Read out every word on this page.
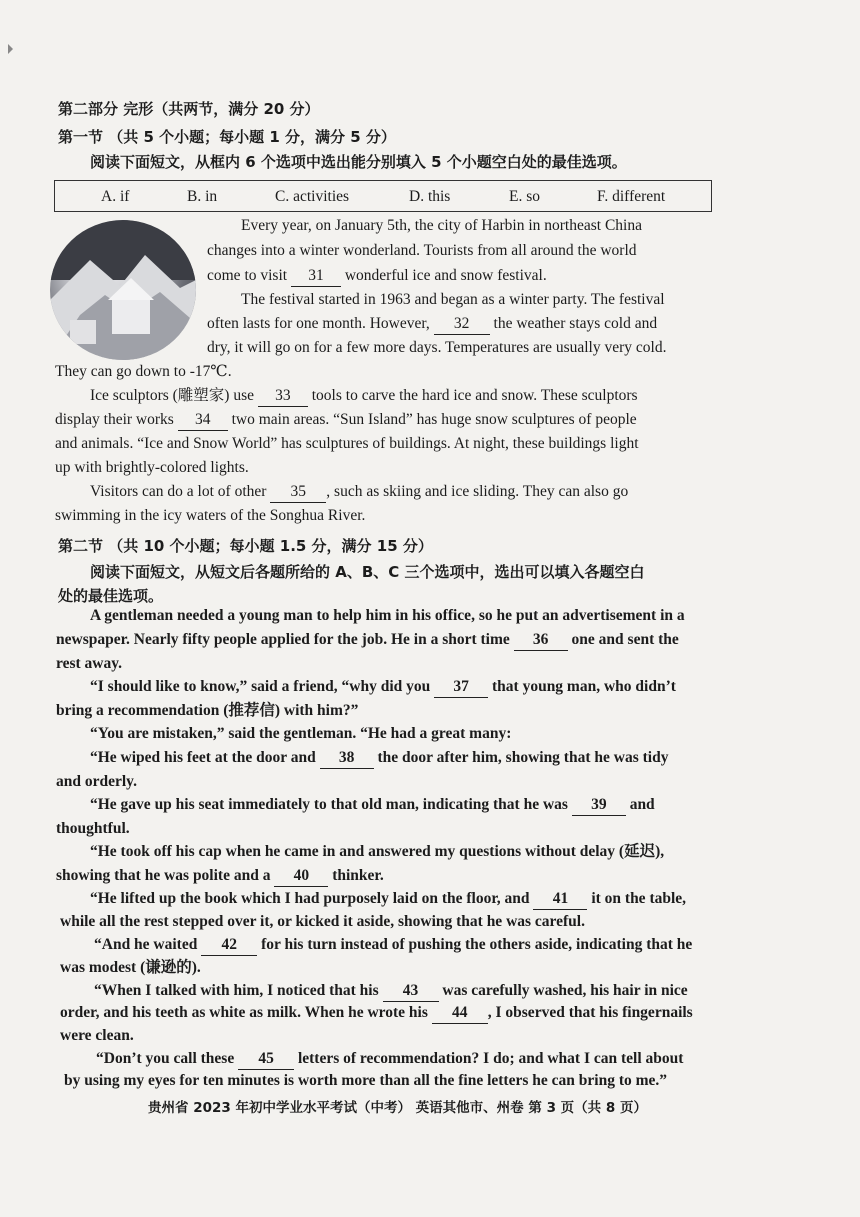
第二部分 完形（共两节，满分 20 分）
第一节 （共 5 个小题；每小题 1 分，满分 5 分）
阅读下面短文，从框内 6 个选项中选出能分别填入 5 个小题空白处的最佳选项。
A. if	B. in	C. activities	D. this	E. so	F. different
Every year, on January 5th, the city of Harbin in northeast China
changes into a winter wonderland. Tourists from all around the world
come to visit 31 wonderful ice and snow festival.
The festival started in 1963 and began as a winter party. The festival
often lasts for one month. However, 32 the weather stays cold and
dry, it will go on for a few more days. Temperatures are usually very cold.
They can go down to -17℃.
Ice sculptors (雕塑家) use 33 tools to carve the hard ice and snow. These sculptors
display their works 34 two main areas. “Sun Island” has huge snow sculptures of people
and animals. “Ice and Snow World” has sculptures of buildings. At night, these buildings light
up with brightly-colored lights.
Visitors can do a lot of other 35 , such as skiing and ice sliding. They can also go
swimming in the icy waters of the Songhua River.
第二节 （共 10 个小题；每小题 1.5 分，满分 15 分）
阅读下面短文，从短文后各题所给的 A、B、C 三个选项中，选出可以填入各题空白
处的最佳选项。
A gentleman needed a young man to help him in his office, so he put an advertisement in a
newspaper. Nearly fifty people applied for the job. He in a short time 36 one and sent the
rest away.
“I should like to know,” said a friend, “why did you 37 that young man, who didn’t
bring a recommendation (推荐信) with him?”
“You are mistaken,” said the gentleman. “He had a great many:
“He wiped his feet at the door and 38 the door after him, showing that he was tidy
and orderly.
“He gave up his seat immediately to that old man, indicating that he was 39 and
thoughtful.
“He took off his cap when he came in and answered my questions without delay (延迟),
showing that he was polite and a 40 thinker.
“He lifted up the book which I had purposely laid on the floor, and 41 it on the table,
while all the rest stepped over it, or kicked it aside, showing that he was careful.
“And he waited 42 for his turn instead of pushing the others aside, indicating that he
was modest (谦逊的).
“When I talked with him, I noticed that his 43 was carefully washed, his hair in nice
order, and his teeth as white as milk. When he wrote his 44 , I observed that his fingernails
were clean.
“Don’t you call these 45 letters of recommendation? I do; and what I can tell about
by using my eyes for ten minutes is worth more than all the fine letters he can bring to me.”
贵州省 2023 年初中学业水平考试（中考） 英语其他市、州卷 第 3 页（共 8 页）
